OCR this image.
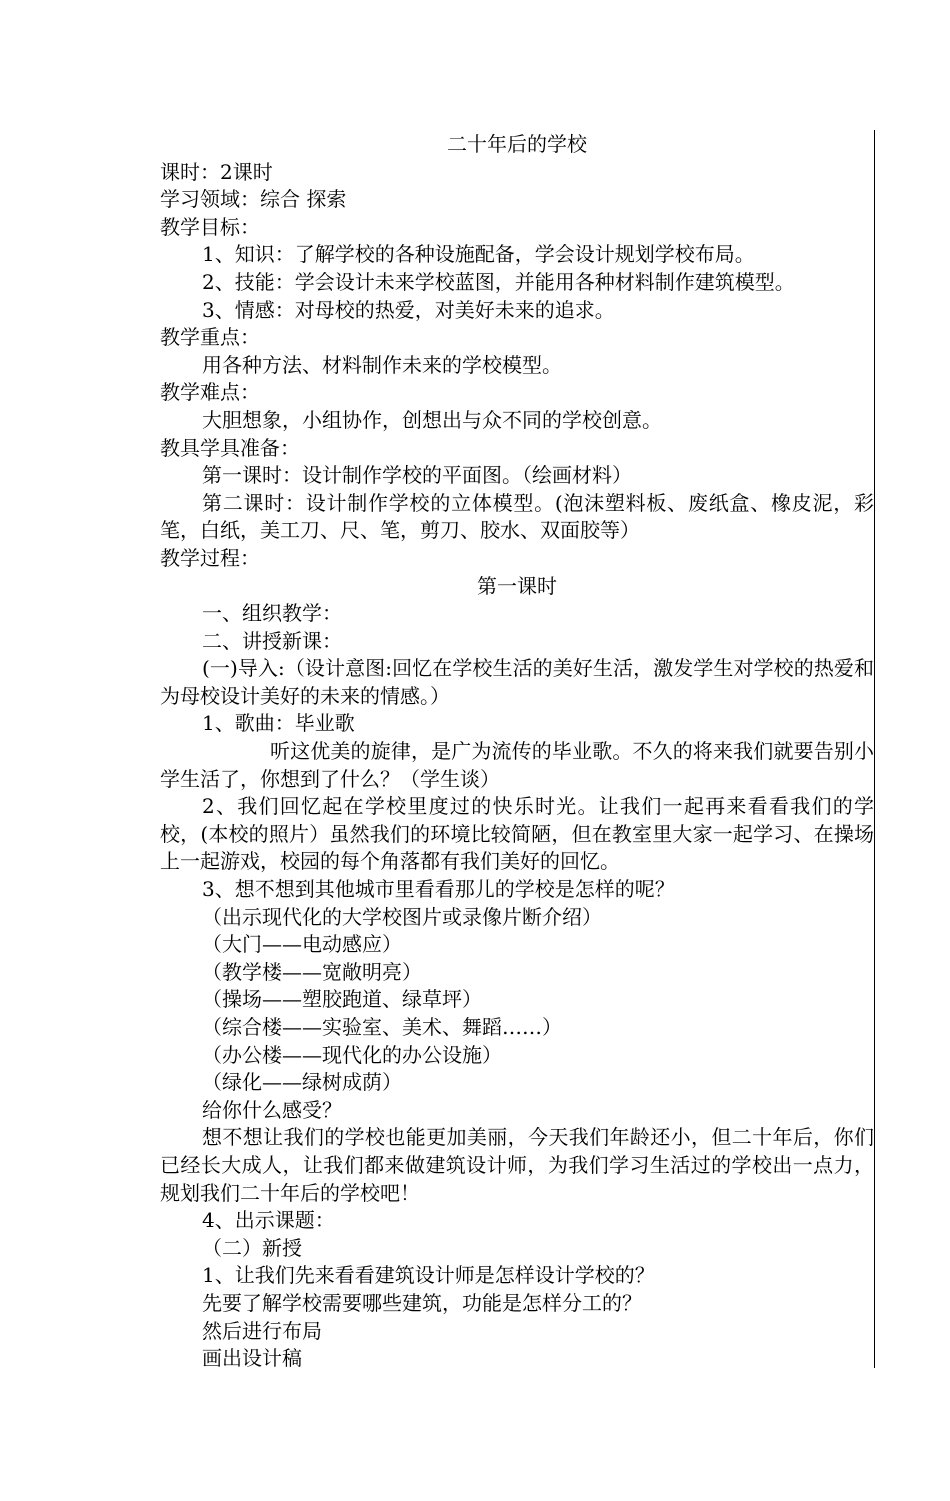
二十年后的学校
课时：2课时
学习领域：综合 探索
教学目标：
1、知识：了解学校的各种设施配备，学会设计规划学校布局。
2、技能：学会设计未来学校蓝图，并能用各种材料制作建筑模型。
3、情感：对母校的热爱，对美好未来的追求。
教学重点：
用各种方法、材料制作未来的学校模型。
教学难点：
大胆想象，小组协作，创想出与众不同的学校创意。
教具学具准备：
第一课时：设计制作学校的平面图。（绘画材料）
第二课时：设计制作学校的立体模型。(泡沫塑料板、废纸盒、橡皮泥，彩笔，白纸，美工刀、尺、笔，剪刀、胶水、双面胶等）
教学过程：
第一课时
一、组织教学：
二、讲授新课：
(一)导入:（设计意图:回忆在学校生活的美好生活，激发学生对学校的热爱和为母校设计美好的未来的情感。）
1、歌曲：毕业歌
听这优美的旋律，是广为流传的毕业歌。不久的将来我们就要告别小学生活了，你想到了什么？（学生谈）
2、我们回忆起在学校里度过的快乐时光。让我们一起再来看看我们的学校，(本校的照片）虽然我们的环境比较简陋，但在教室里大家一起学习、在操场上一起游戏，校园的每个角落都有我们美好的回忆。
3、想不想到其他城市里看看那儿的学校是怎样的呢？
（出示现代化的大学校图片或录像片断介绍）
（大门——电动感应）
（教学楼——宽敞明亮）
（操场——塑胶跑道、绿草坪）
（综合楼——实验室、美术、舞蹈……）
（办公楼——现代化的办公设施）
（绿化——绿树成荫）
给你什么感受？
想不想让我们的学校也能更加美丽，今天我们年龄还小，但二十年后，你们已经长大成人，让我们都来做建筑设计师，为我们学习生活过的学校出一点力，规划我们二十年后的学校吧！
4、出示课题：
（二）新授
1、让我们先来看看建筑设计师是怎样设计学校的？
先要了解学校需要哪些建筑，功能是怎样分工的？
然后进行布局
画出设计稿
